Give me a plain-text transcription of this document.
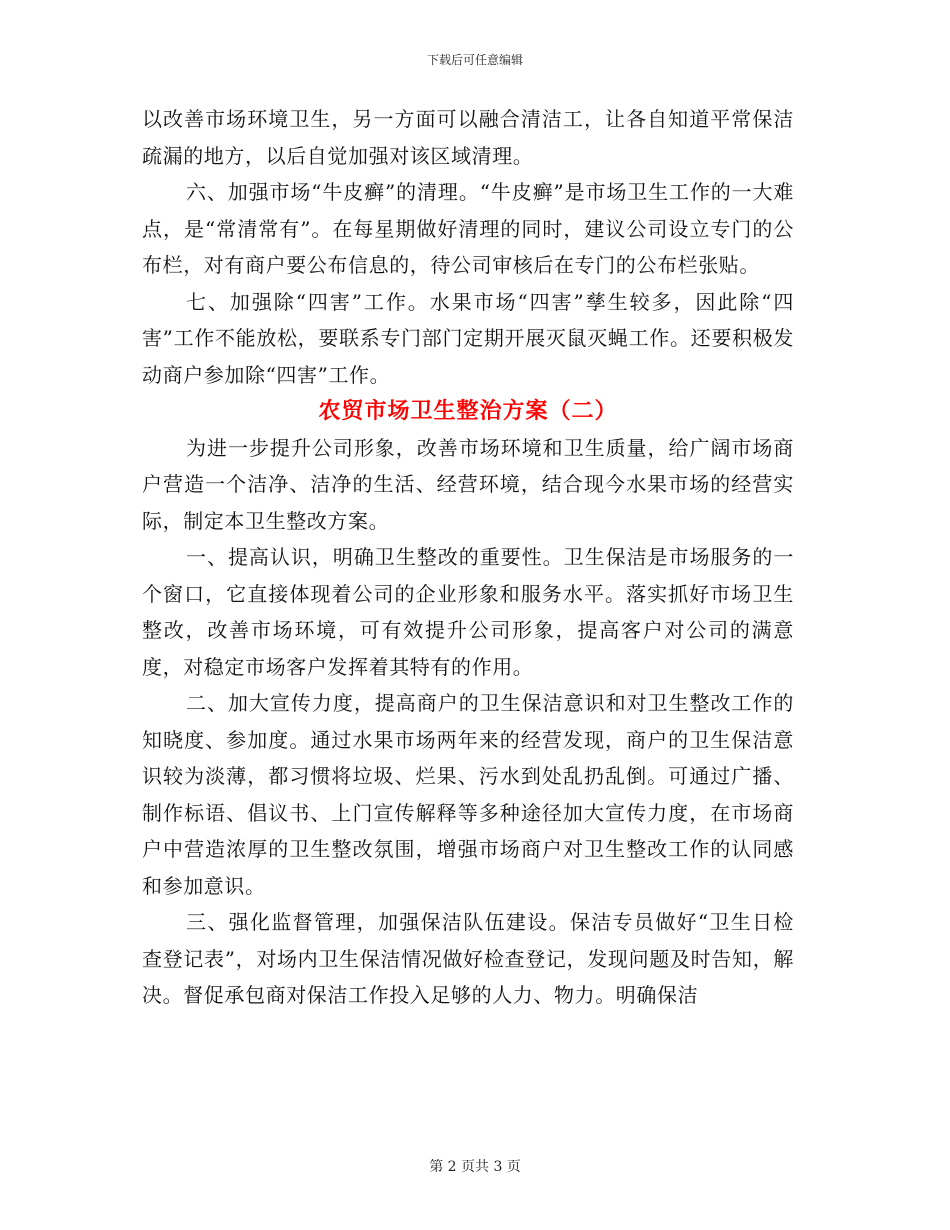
下载后可任意编辑

以改善市场环境卫生，另一方面可以融合清洁工，让各自知道平常保洁疏漏的地方，以后自觉加强对该区域清理。

六、加强市场“牛皮癣”的清理。“牛皮癣”是市场卫生工作的一大难点，是“常清常有”。在每星期做好清理的同时，建议公司设立专门的公布栏，对有商户要公布信息的，待公司审核后在专门的公布栏张贴。

七、加强除“四害”工作。水果市场“四害”孳生较多，因此除“四害”工作不能放松，要联系专门部门定期开展灭鼠灭蝇工作。还要积极发动商户参加除“四害”工作。

农贸市场卫生整治方案（二）

为进一步提升公司形象，改善市场环境和卫生质量，给广阔市场商户营造一个洁净、洁净的生活、经营环境，结合现今水果市场的经营实际，制定本卫生整改方案。

一、提高认识，明确卫生整改的重要性。卫生保洁是市场服务的一个窗口，它直接体现着公司的企业形象和服务水平。落实抓好市场卫生整改，改善市场环境，可有效提升公司形象，提高客户对公司的满意度，对稳定市场客户发挥着其特有的作用。

二、加大宣传力度，提高商户的卫生保洁意识和对卫生整改工作的知晓度、参加度。通过水果市场两年来的经营发现，商户的卫生保洁意识较为淡薄，都习惯将垃圾、烂果、污水到处乱扔乱倒。可通过广播、制作标语、倡议书、上门宣传解释等多种途径加大宣传力度，在市场商户中营造浓厚的卫生整改氛围，增强市场商户对卫生整改工作的认同感和参加意识。

三、强化监督管理，加强保洁队伍建设。保洁专员做好“卫生日检查登记表”，对场内卫生保洁情况做好检查登记，发现问题及时告知，解决。督促承包商对保洁工作投入足够的人力、物力。明确保洁

第 2 页共 3 页
